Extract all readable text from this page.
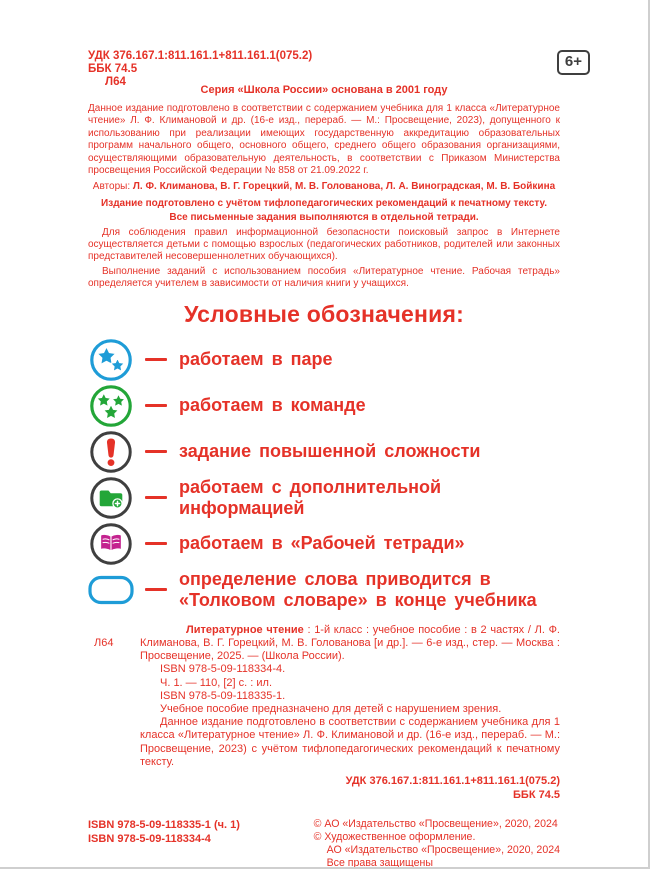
УДК 376.167.1:811.161.1+811.161.1(075.2)
ББК 74.5
Л64
6+
Серия «Школа России» основана в 2001 году

Данное издание подготовлено в соответствии с содержанием учебника для 1 класса «Литературное чтение» Л. Ф. Климановой и др. (16-е изд., перераб. — М.: Просвещение, 2023), допущенного к использованию при реализации имеющих государственную аккредитацию образовательных программ начального общего, основного общего, среднего общего образования организациями, осуществляющими образовательную деятельность, в соответствии с Приказом Министерства просвещения Российской Федерации № 858 от 21.09.2022 г.

Авторы: Л. Ф. Климанова, В. Г. Горецкий, М. В. Голованова, Л. А. Виноградская, М. В. Бойкина

Издание подготовлено с учётом тифлопедагогических рекомендаций к печатному тексту.

Все письменные задания выполняются в отдельной тетради.

Для соблюдения правил информационной безопасности поисковый запрос в Интернете осуществляется детьми с помощью взрослых (педагогических работников, родителей или законных представителей несовершеннолетних обучающихся).

Выполнение заданий с использованием пособия «Литературное чтение. Рабочая тетрадь» определяется учителем в зависимости от наличия книги у учащихся.

Условные обозначения:
работаем в паре
работаем в команде
задание повышенной сложности
работаем с дополнительной информацией
работаем в «Рабочей тетради»
определение слова приводится в «Толковом словаре» в конце учебника
Л64

Литературное чтение : 1-й класс : учебное пособие : в 2 частях / Л. Ф. Климанова, В. Г. Горецкий, М. В. Голованова [и др.]. — 6-е изд., стер. — Москва : Просвещение, 2025. — (Школа России).

ISBN 978-5-09-118334-4.

Ч. 1. — 110, [2] с. : ил.

ISBN 978-5-09-118335-1.

Учебное пособие предназначено для детей с нарушением зрения.

Данное издание подготовлено в соответствии с содержанием учебника для 1 класса «Литературное чтение» Л. Ф. Климановой и др. (16-е изд., перераб. — М.: Просвещение, 2023) с учётом тифлопедагогических рекомендаций к печатному тексту.

УДК 376.167.1:811.161.1+811.161.1(075.2)
ББК 74.5
ISBN 978-5-09-118335-1 (ч. 1)
ISBN 978-5-09-118334-4
© АО «Издательство «Просвещение», 2020, 2024
© Художественное оформление.
АО «Издательство «Просвещение», 2020, 2024
Все права защищены
